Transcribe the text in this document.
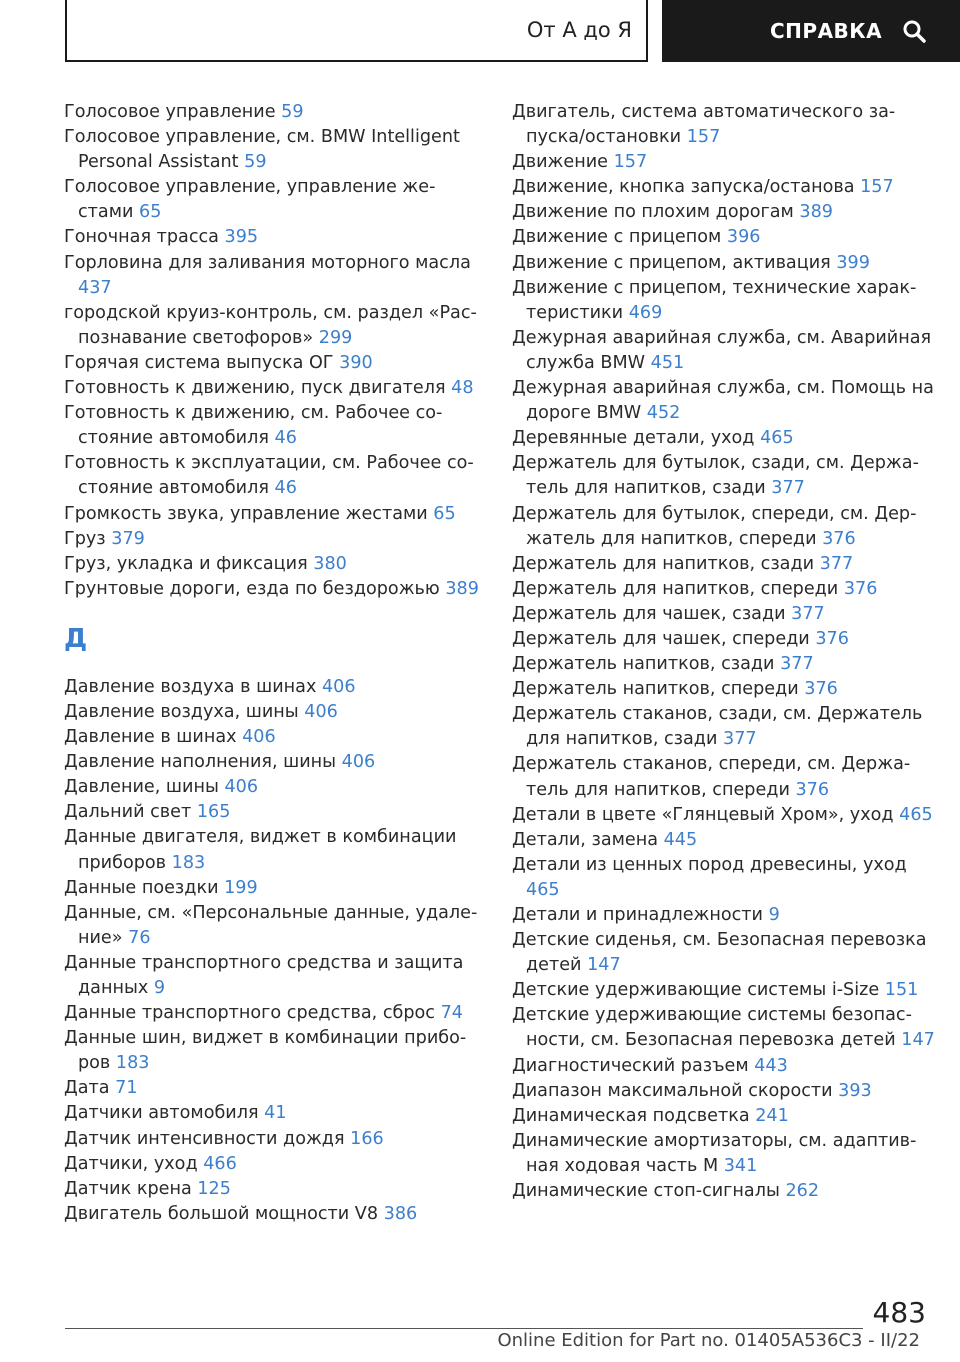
От А до Я	СПРАВКА
Голосовое управление 59
Голосовое управление, см. BMW Intelligent Personal Assistant 59
Голосовое управление, управление жестами 65
Гоночная трасса 395
Горловина для заливания моторного масла 437
городской круиз-контроль, см. раздел «Распознавание светофоров» 299
Горячая система выпуска ОГ 390
Готовность к движению, пуск двигателя 48
Готовность к движению, см. Рабочее состояние автомобиля 46
Готовность к эксплуатации, см. Рабочее состояние автомобиля 46
Громкость звука, управление жестами 65
Груз 379
Груз, укладка и фиксация 380
Грунтовые дороги, езда по бездорожью 389
Д
Давление воздуха в шинах 406
Давление воздуха, шины 406
Давление в шинах 406
Давление наполнения, шины 406
Давление, шины 406
Дальний свет 165
Данные двигателя, виджет в комбинации приборов 183
Данные поездки 199
Данные, см. «Персональные данные, удаление» 76
Данные транспортного средства и защита данных 9
Данные транспортного средства, сброс 74
Данные шин, виджет в комбинации приборов 183
Дата 71
Датчики автомобиля 41
Датчик интенсивности дождя 166
Датчики, уход 466
Датчик крена 125
Двигатель большой мощности V8 386
Двигатель, система автоматического запуска/остановки 157
Движение 157
Движение, кнопка запуска/останова 157
Движение по плохим дорогам 389
Движение с прицепом 396
Движение с прицепом, активация 399
Движение с прицепом, технические характеристики 469
Дежурная аварийная служба, см. Аварийная служба BMW 451
Дежурная аварийная служба, см. Помощь на дороге BMW 452
Деревянные детали, уход 465
Держатель для бутылок, сзади, см. Держатель для напитков, сзади 377
Держатель для бутылок, спереди, см. Держатель для напитков, спереди 376
Держатель для напитков, сзади 377
Держатель для напитков, спереди 376
Держатель для чашек, сзади 377
Держатель для чашек, спереди 376
Держатель напитков, сзади 377
Держатель напитков, спереди 376
Держатель стаканов, сзади, см. Держатель для напитков, сзади 377
Держатель стаканов, спереди, см. Держатель для напитков, спереди 376
Детали в цвете «Глянцевый Хром», уход 465
Детали, замена 445
Детали из ценных пород древесины, уход 465
Детали и принадлежности 9
Детские сиденья, см. Безопасная перевозка детей 147
Детские удерживающие системы i-Size 151
Детские удерживающие системы безопасности, см. Безопасная перевозка детей 147
Диагностический разъем 443
Диапазон максимальной скорости 393
Динамическая подсветка 241
Динамические амортизаторы, см. адаптивная ходовая часть M 341
Динамические стоп-сигналы 262
483
Online Edition for Part no. 01405A536C3 - II/22
